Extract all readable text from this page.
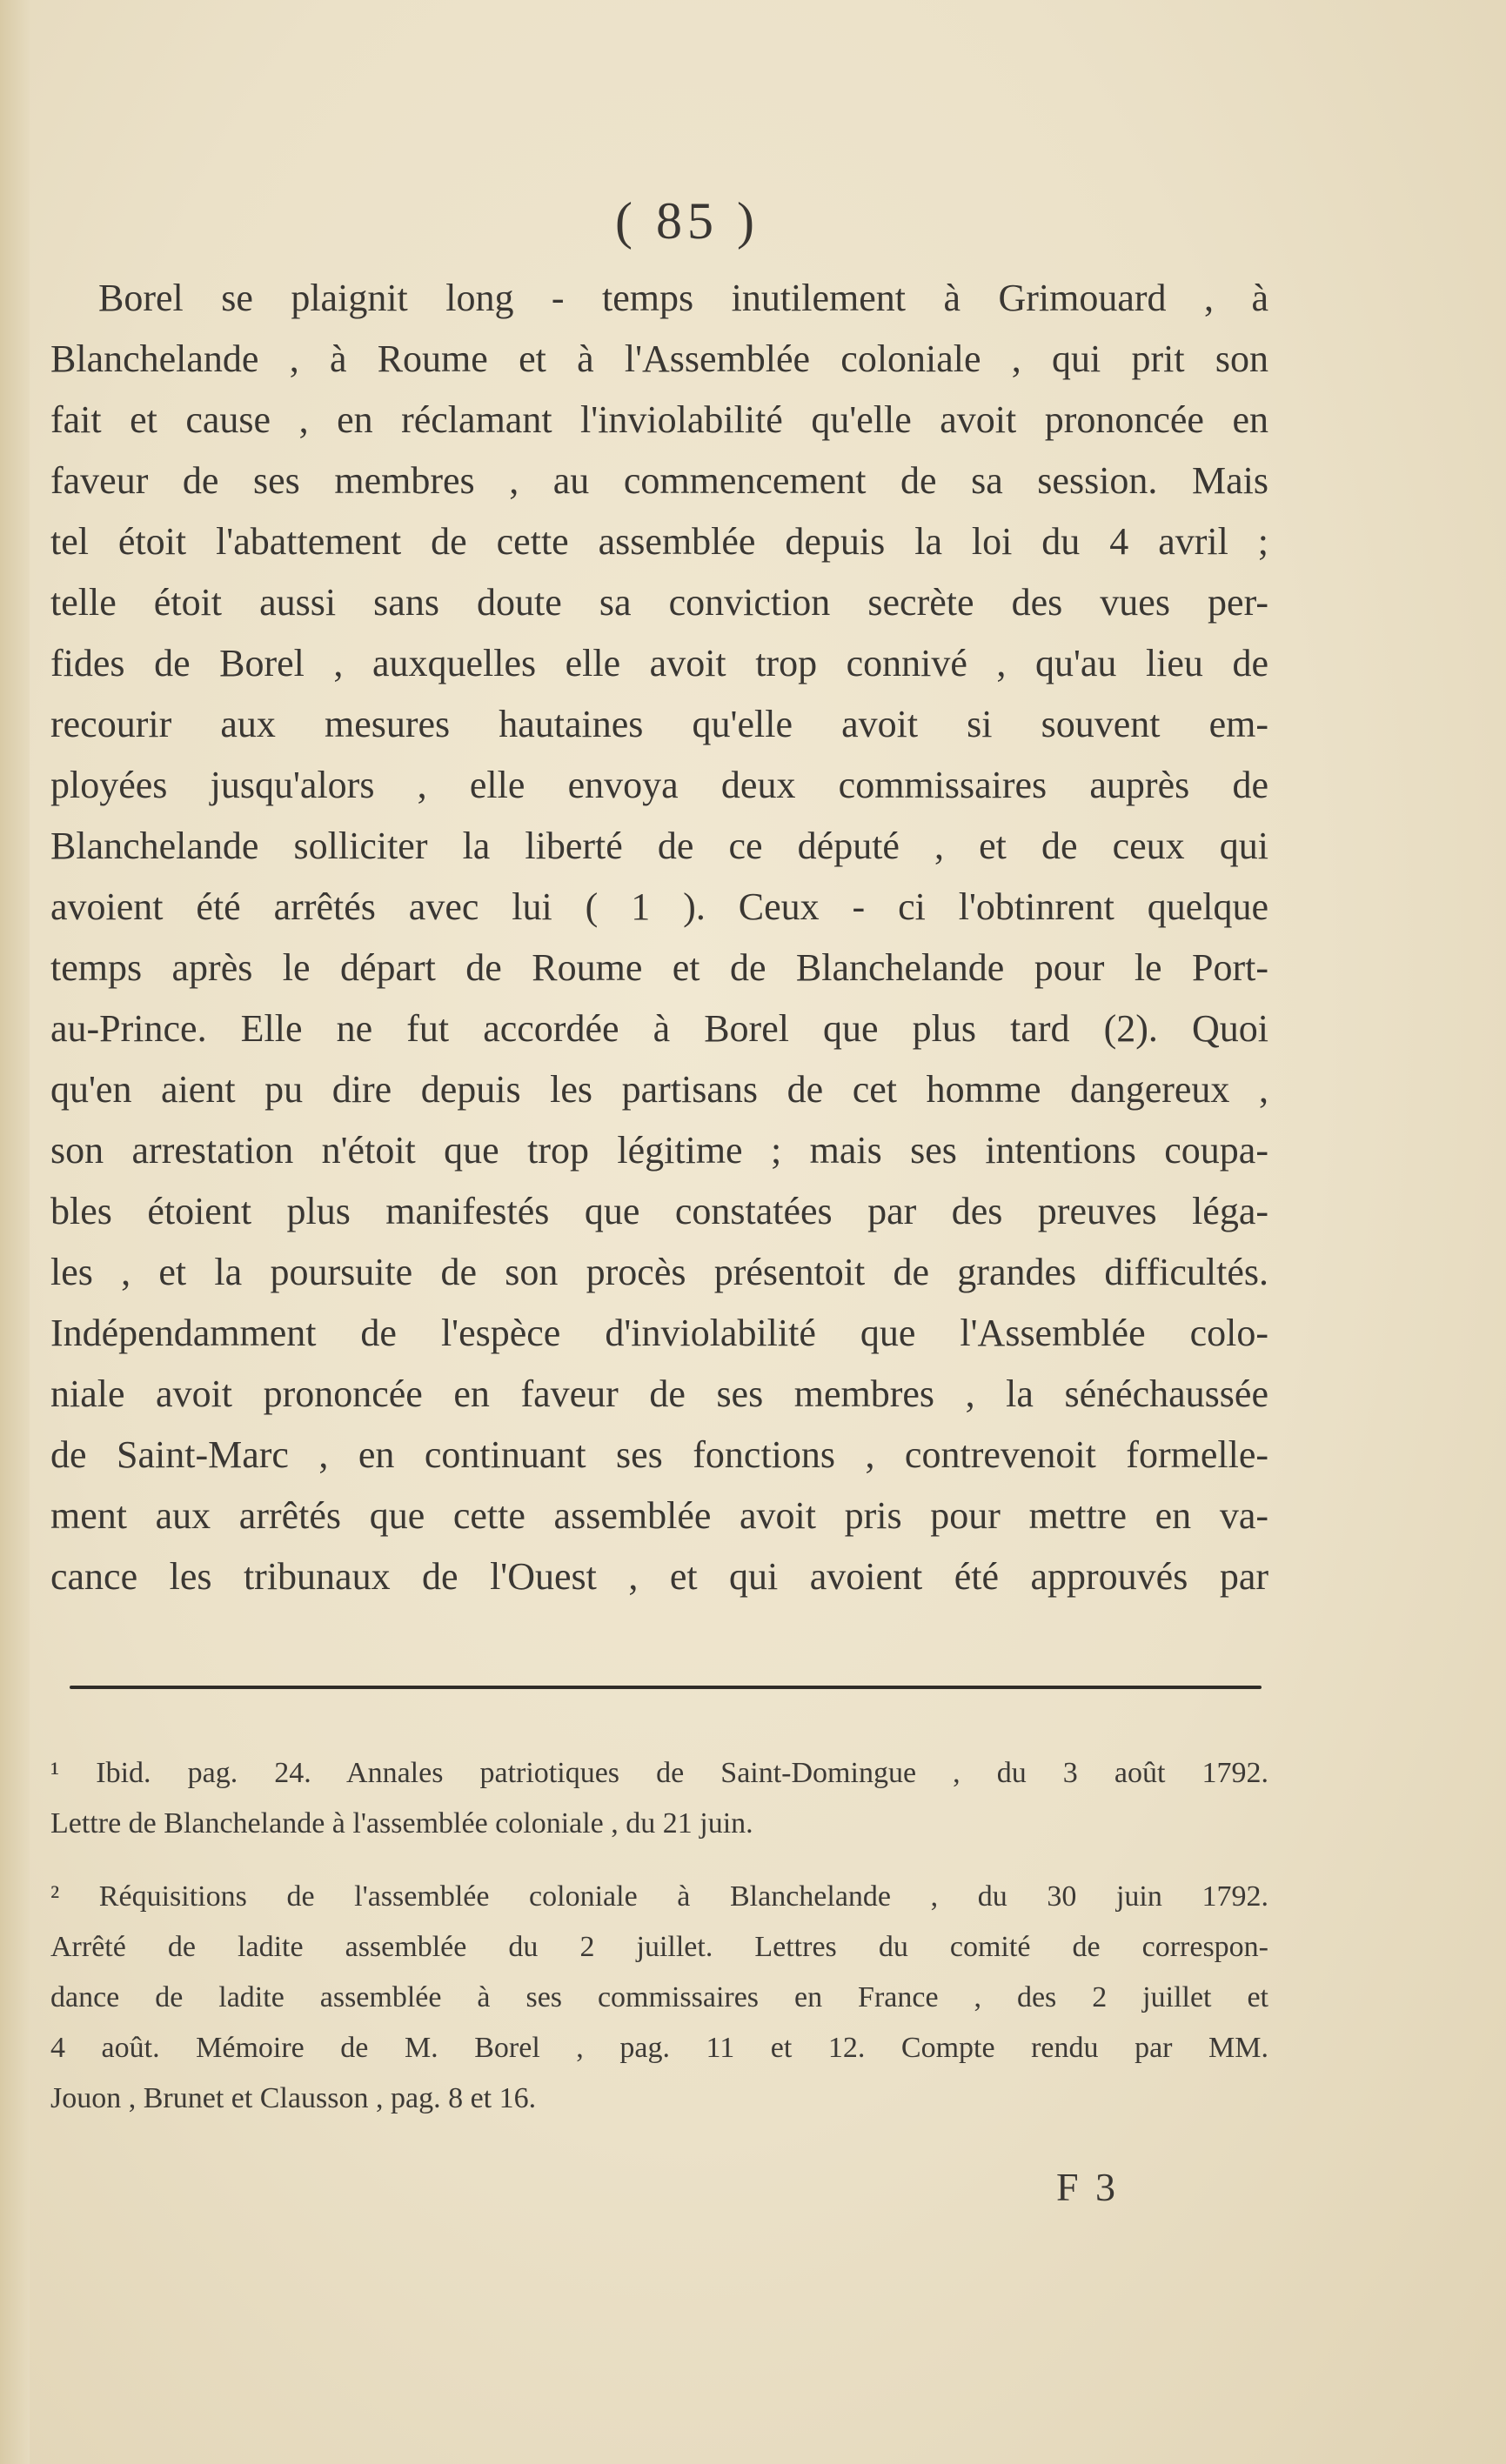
( 85 )
Borel se plaignit long - temps inutilement à Grimouard , à
Blanchelande , à Roume et à l'Assemblée coloniale , qui prit son
fait et cause , en réclamant l'inviolabilité qu'elle avoit prononcée en
faveur de ses membres , au commencement de sa session. Mais
tel étoit l'abattement de cette assemblée depuis la loi du 4 avril ;
telle étoit aussi sans doute sa conviction secrète des vues per-
fides de Borel , auxquelles elle avoit trop connivé , qu'au lieu de
recourir aux mesures hautaines qu'elle avoit si souvent em-
ployées jusqu'alors , elle envoya deux commissaires auprès de
Blanchelande solliciter la liberté de ce député , et de ceux qui
avoient été arrêtés avec lui ( 1 ). Ceux - ci l'obtinrent quelque
temps après le départ de Roume et de Blanchelande pour le Port-
au-Prince. Elle ne fut accordée à Borel que plus tard (2). Quoi
qu'en aient pu dire depuis les partisans de cet homme dangereux ,
son arrestation n'étoit que trop légitime ; mais ses intentions coupa-
bles étoient plus manifestés que constatées par des preuves léga-
les , et la poursuite de son procès présentoit de grandes difficultés.
Indépendamment de l'espèce d'inviolabilité que l'Assemblée colo-
niale avoit prononcée en faveur de ses membres , la sénéchaussée
de Saint-Marc , en continuant ses fonctions , contrevenoit formelle-
ment aux arrêtés que cette assemblée avoit pris pour mettre en va-
cance les tribunaux de l'Ouest , et qui avoient été approuvés par
¹ Ibid. pag. 24. Annales patriotiques de Saint-Domingue , du 3 août 1792.
Lettre de Blanchelande à l'assemblée coloniale , du 21 juin.
² Réquisitions de l'assemblée coloniale à Blanchelande , du 30 juin 1792.
Arrêté de ladite assemblée du 2 juillet. Lettres du comité de correspon-
dance de ladite assemblée à ses commissaires en France , des 2 juillet et
4 août. Mémoire de M. Borel , pag. 11 et 12. Compte rendu par MM.
Jouon , Brunet et Clausson , pag. 8 et 16.
F 3
